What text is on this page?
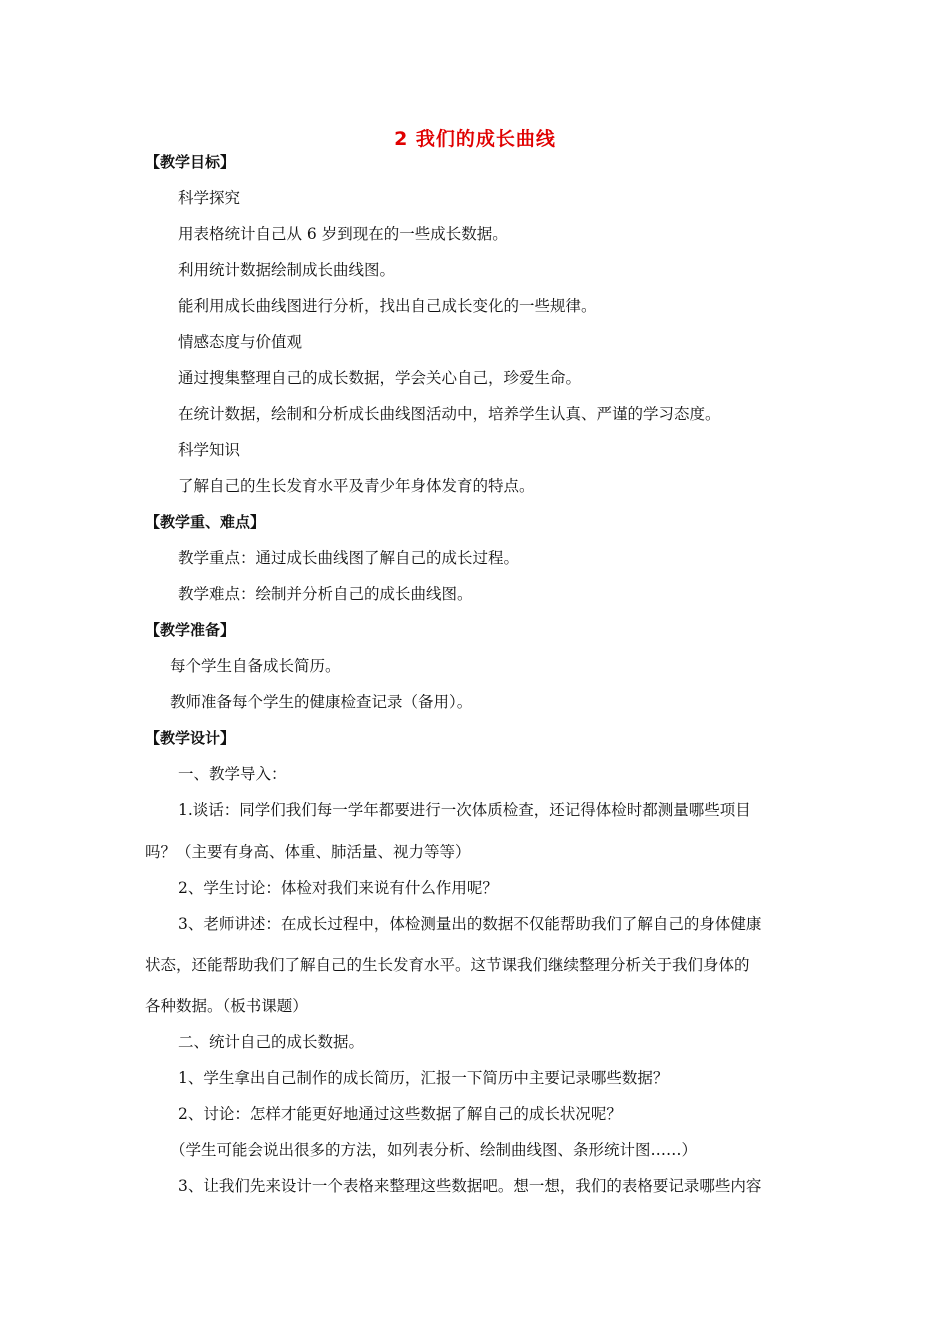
2 我们的成长曲线
【教学目标】
科学探究
用表格统计自己从 6 岁到现在的一些成长数据。
利用统计数据绘制成长曲线图。
能利用成长曲线图进行分析，找出自己成长变化的一些规律。
情感态度与价值观
通过搜集整理自己的成长数据，学会关心自己，珍爱生命。
在统计数据，绘制和分析成长曲线图活动中，培养学生认真、严谨的学习态度。
科学知识
了解自己的生长发育水平及青少年身体发育的特点。
【教学重、难点】
教学重点：通过成长曲线图了解自己的成长过程。
教学难点：绘制并分析自己的成长曲线图。
【教学准备】
每个学生自备成长简历。
教师准备每个学生的健康检查记录（备用）。
【教学设计】
一、教学导入：
1.谈话：同学们我们每一学年都要进行一次体质检查，还记得体检时都测量哪些项目
吗？（主要有身高、体重、肺活量、视力等等）
2、学生讨论：体检对我们来说有什么作用呢？
3、老师讲述：在成长过程中，体检测量出的数据不仅能帮助我们了解自己的身体健康
状态，还能帮助我们了解自己的生长发育水平。这节课我们继续整理分析关于我们身体的
各种数据。（板书课题）
二、统计自己的成长数据。
1、学生拿出自己制作的成长简历，汇报一下简历中主要记录哪些数据？
2、讨论：怎样才能更好地通过这些数据了解自己的成长状况呢？
（学生可能会说出很多的方法，如列表分析、绘制曲线图、条形统计图……）
3、让我们先来设计一个表格来整理这些数据吧。想一想，我们的表格要记录哪些内容
